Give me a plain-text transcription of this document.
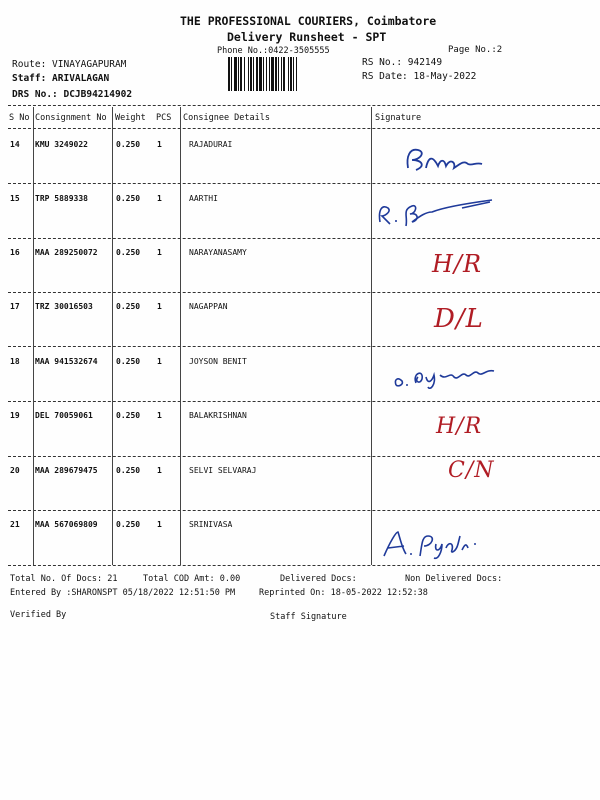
THE PROFESSIONAL COURIERS, Coimbatore
Delivery Runsheet - SPT
Phone No.:0422-3505555	Page No.:2
Route: VINAYAGAPURAM
Staff: ARIVALAGAN
DRS No.: DCJB94214902
RS No.: 942149
RS Date: 18-May-2022
S No Consignment No Weight PCS Consignee Details	Signature
14 KMU 3249022	0.250 1	RAJADURAI
15 TRP 5889338	0.250 1	AARTHI
16 MAA 289250072 0.250 1	NARAYANASAMY	H/R
17 TRZ 30016503	0.250 1	NAGAPPAN	D/L
18 MAA 941532674 0.250 1	JOYSON BENIT
19 DEL 70059061	0.250 1	BALAKRISHNAN	H/R
20 MAA 289679475 0.250 1	SELVI SELVARAJ	C/N
21 MAA 567069809 0.250 1	SRINIVASA
Total No. Of Docs: 21	Total COD Amt: 0.00	Delivered Docs:	Non Delivered Docs:
Entered By :SHARONSPT 05/18/2022 12:51:50 PM	Reprinted On: 18-05-2022 12:52:38
Verified By	Staff Signature
